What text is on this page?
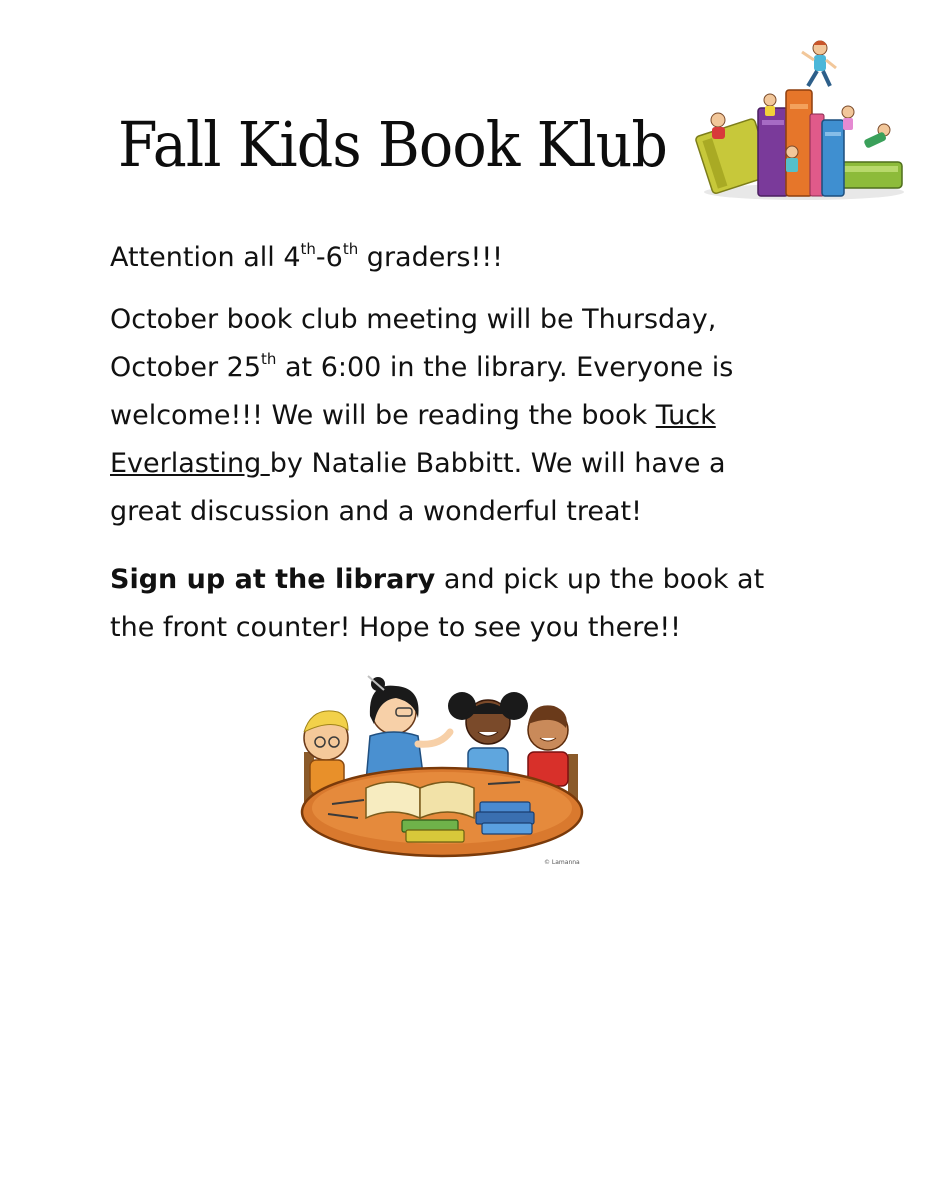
Fall Kids Book Klub

Attention all 4th-6th graders!!!

October book club meeting will be Thursday,
October 25th at 6:00 in the library. Everyone is
welcome!!! We will be reading the book Tuck
Everlasting by Natalie Babbitt. We will have a
great discussion and a wonderful treat!
Sign up at the library and pick up the book at
the front counter! Hope to see you there!!
© Lamanna
